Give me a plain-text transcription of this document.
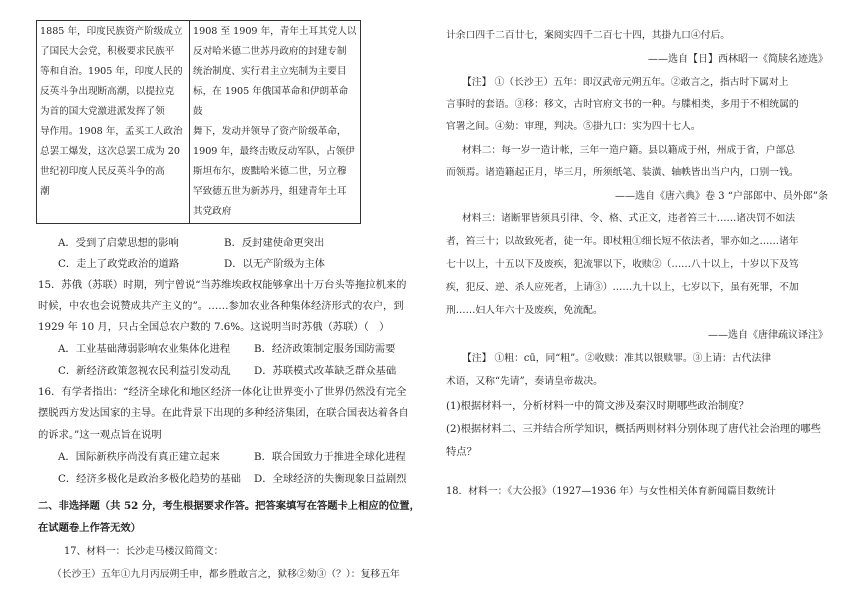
1885 年，印度民族资产阶级成立
了国民大会党，积极要求民族平
等和自治。1905 年，印度人民的
反英斗争出现断高潮，以提拉克
为首的国大党激进派发挥了领
导作用。1908 年，孟买工人政治
总罢工爆发，这次总罢工成为 20
世纪初印度人民反英斗争的高
潮

1908 至 1909 年，青年土耳其党人以
反对哈米德二世苏丹政府的封建专制
统治制度、实行君主立宪制为主要目
标，在 1905 年俄国革命和伊朗革命鼓
舞下，发动并领导了资产阶级革命，
1909 年，最终击败反动军队，占领伊
斯坦布尔，废黜哈米德二世，另立穆
罕致德五世为新苏丹，组建青年土耳
其党政府
A．受到了启蒙思想的影响	B．反封建使命更突出
C．走上了政党政治的道路	D．以无产阶级为主体
15．苏俄（苏联）时期，列宁曾说“当苏维埃政权能够拿出十万台头等拖拉机来的
时候，中农也会说赞成共产主义的”。……参加农业各种集体经济形式的农户，到
1929 年 10 月，只占全国总农户数的 7.6%。这说明当时苏俄（苏联）（　）
A．工业基础薄弱影响农业集体化进程 B．经济政策制定服务国防需要
C．新经济政策忽视农民利益引发动乱 D．苏联模式改革缺乏群众基础
16．有学者指出：“经济全球化和地区经济一体化让世界变小了世界仍然没有完全
摆脱西方发达国家的主导。在此背景下出现的多种经济集团，在联合国表达着各自
的诉求。”这一观点旨在说明
A．国际新秩序尚没有真正建立起来	B．联合国致力于推进全球化进程
C．经济多极化是政治多极化趋势的基础 D．全球经济的失衡现象日益剧烈
二、非选择题（共 52 分，考生根据要求作答。把答案填写在答题卡上相应的位置，
在试题卷上作答无效）
17、材料一：长沙走马楼汉简简文：
（长沙王）五年①九月丙辰朔壬申，都乡胜敢言之，狱移②劾③（？）：复移五年
计余口四千二百廿七，案阅实四千二百七十四，其掛九口④付后。
——选自【日】西林昭一《简牍名迹选》
【注】 ①（长沙王）五年：即汉武帝元朔五年。②敢言之，指古时下属对上
言事时的套语。③移：移文，古时官府文书的一种。与牒相类，多用于不相统属的
官署之间。④劾：审理，判决。⑤掛九口：实为四十七人。
材料二：每一岁一造计帐，三年一造户籍。县以籍成于州，州成于省，户部总
而领焉。诸造籍起正月，毕三月，所须纸笔、装潢、轴帙皆出当户内，口别一钱。
——选自《唐六典》卷 3 “户部郎中、员外郎”条
材料三：诸断罪皆须具引律、令、格、式正文，违者笞三十……诸决罚不如法
者，笞三十；以故致死者，徒一年。即杖粗①细长短不依法者，罪亦如之……诸年
七十以上，十五以下及废疾，犯流罪以下，收赎②（……八十以上，十岁以下及笃
疾，犯反、逆、杀人应死者，上请③）……九十以上，七岁以下，虽有死罪，不加
刑……妇人年六十及废疾，免流配。
——选自《唐律疏议译注》
【注】 ①粗：cū，同“粗”。②收赎：准其以银赎罪。③上请：古代法律
术语，又称“先请”，奏请皇帝裁决。
(1)根据材料一，分析材料一中的简文涉及秦汉时期哪些政治制度？
(2)根据材料二、三并结合所学知识，概括两则材料分别体现了唐代社会治理的哪些
特点？
18．材料一：《大公报》（1927—1936 年）与女性相关体育新闻篇目数统计
